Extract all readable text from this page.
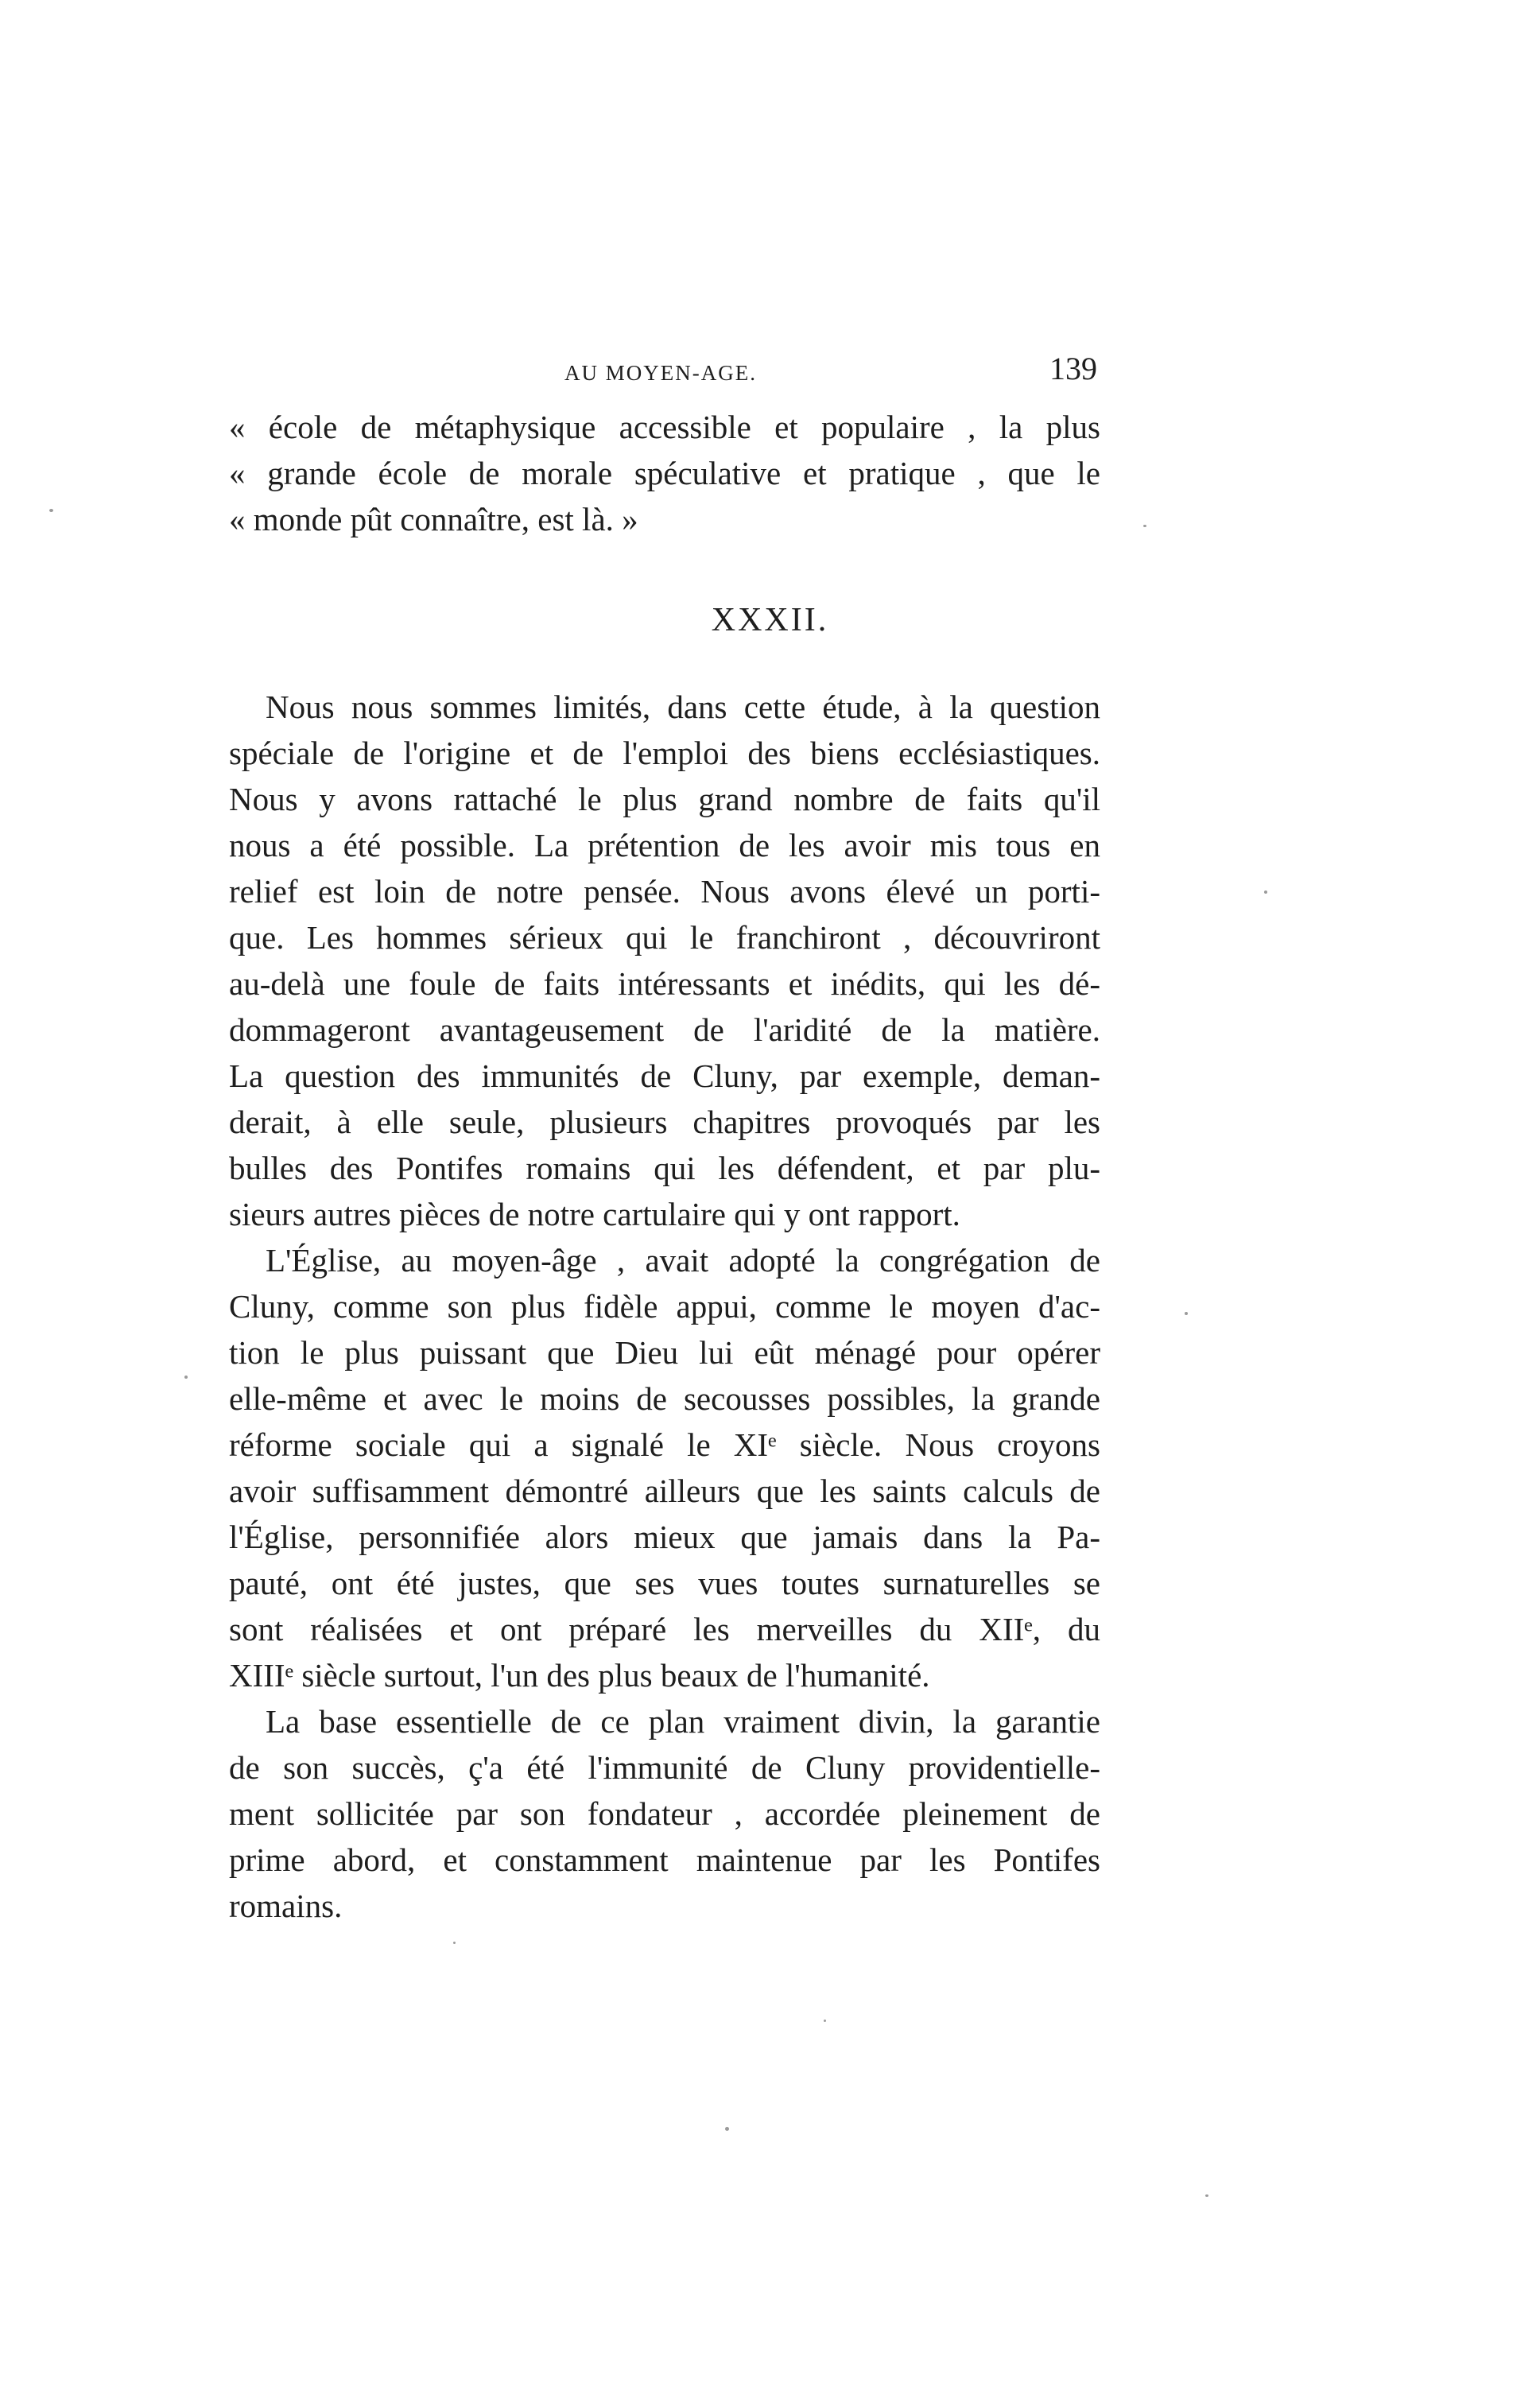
AU MOYEN-AGE.	139
« école de métaphysique accessible et populaire , la plus
« grande école de morale spéculative et pratique , que le
« monde pût connaître, est là. »
XXXII.
Nous nous sommes limités, dans cette étude, à la question
spéciale de l'origine et de l'emploi des biens ecclésiastiques.
Nous y avons rattaché le plus grand nombre de faits qu'il
nous a été possible. La prétention de les avoir mis tous en
relief est loin de notre pensée. Nous avons élevé un porti-
que. Les hommes sérieux qui le franchiront , découvriront
au-delà une foule de faits intéressants et inédits, qui les dé-
dommageront avantageusement de l'aridité de la matière.
La question des immunités de Cluny, par exemple, deman-
derait, à elle seule, plusieurs chapitres provoqués par les
bulles des Pontifes romains qui les défendent, et par plu-
sieurs autres pièces de notre cartulaire qui y ont rapport.
L'Église, au moyen-âge , avait adopté la congrégation de
Cluny, comme son plus fidèle appui, comme le moyen d'ac-
tion le plus puissant que Dieu lui eût ménagé pour opérer
elle-même et avec le moins de secousses possibles, la grande
réforme sociale qui a signalé le XIᵉ siècle. Nous croyons
avoir suffisamment démontré ailleurs que les saints calculs de
l'Église, personnifiée alors mieux que jamais dans la Pa-
pauté, ont été justes, que ses vues toutes surnaturelles se
sont réalisées et ont préparé les merveilles du XIIᵉ, du
XIIIᵉ siècle surtout, l'un des plus beaux de l'humanité.
La base essentielle de ce plan vraiment divin, la garantie
de son succès, ç'a été l'immunité de Cluny providentielle-
ment sollicitée par son fondateur , accordée pleinement de
prime abord, et constamment maintenue par les Pontifes
romains.
